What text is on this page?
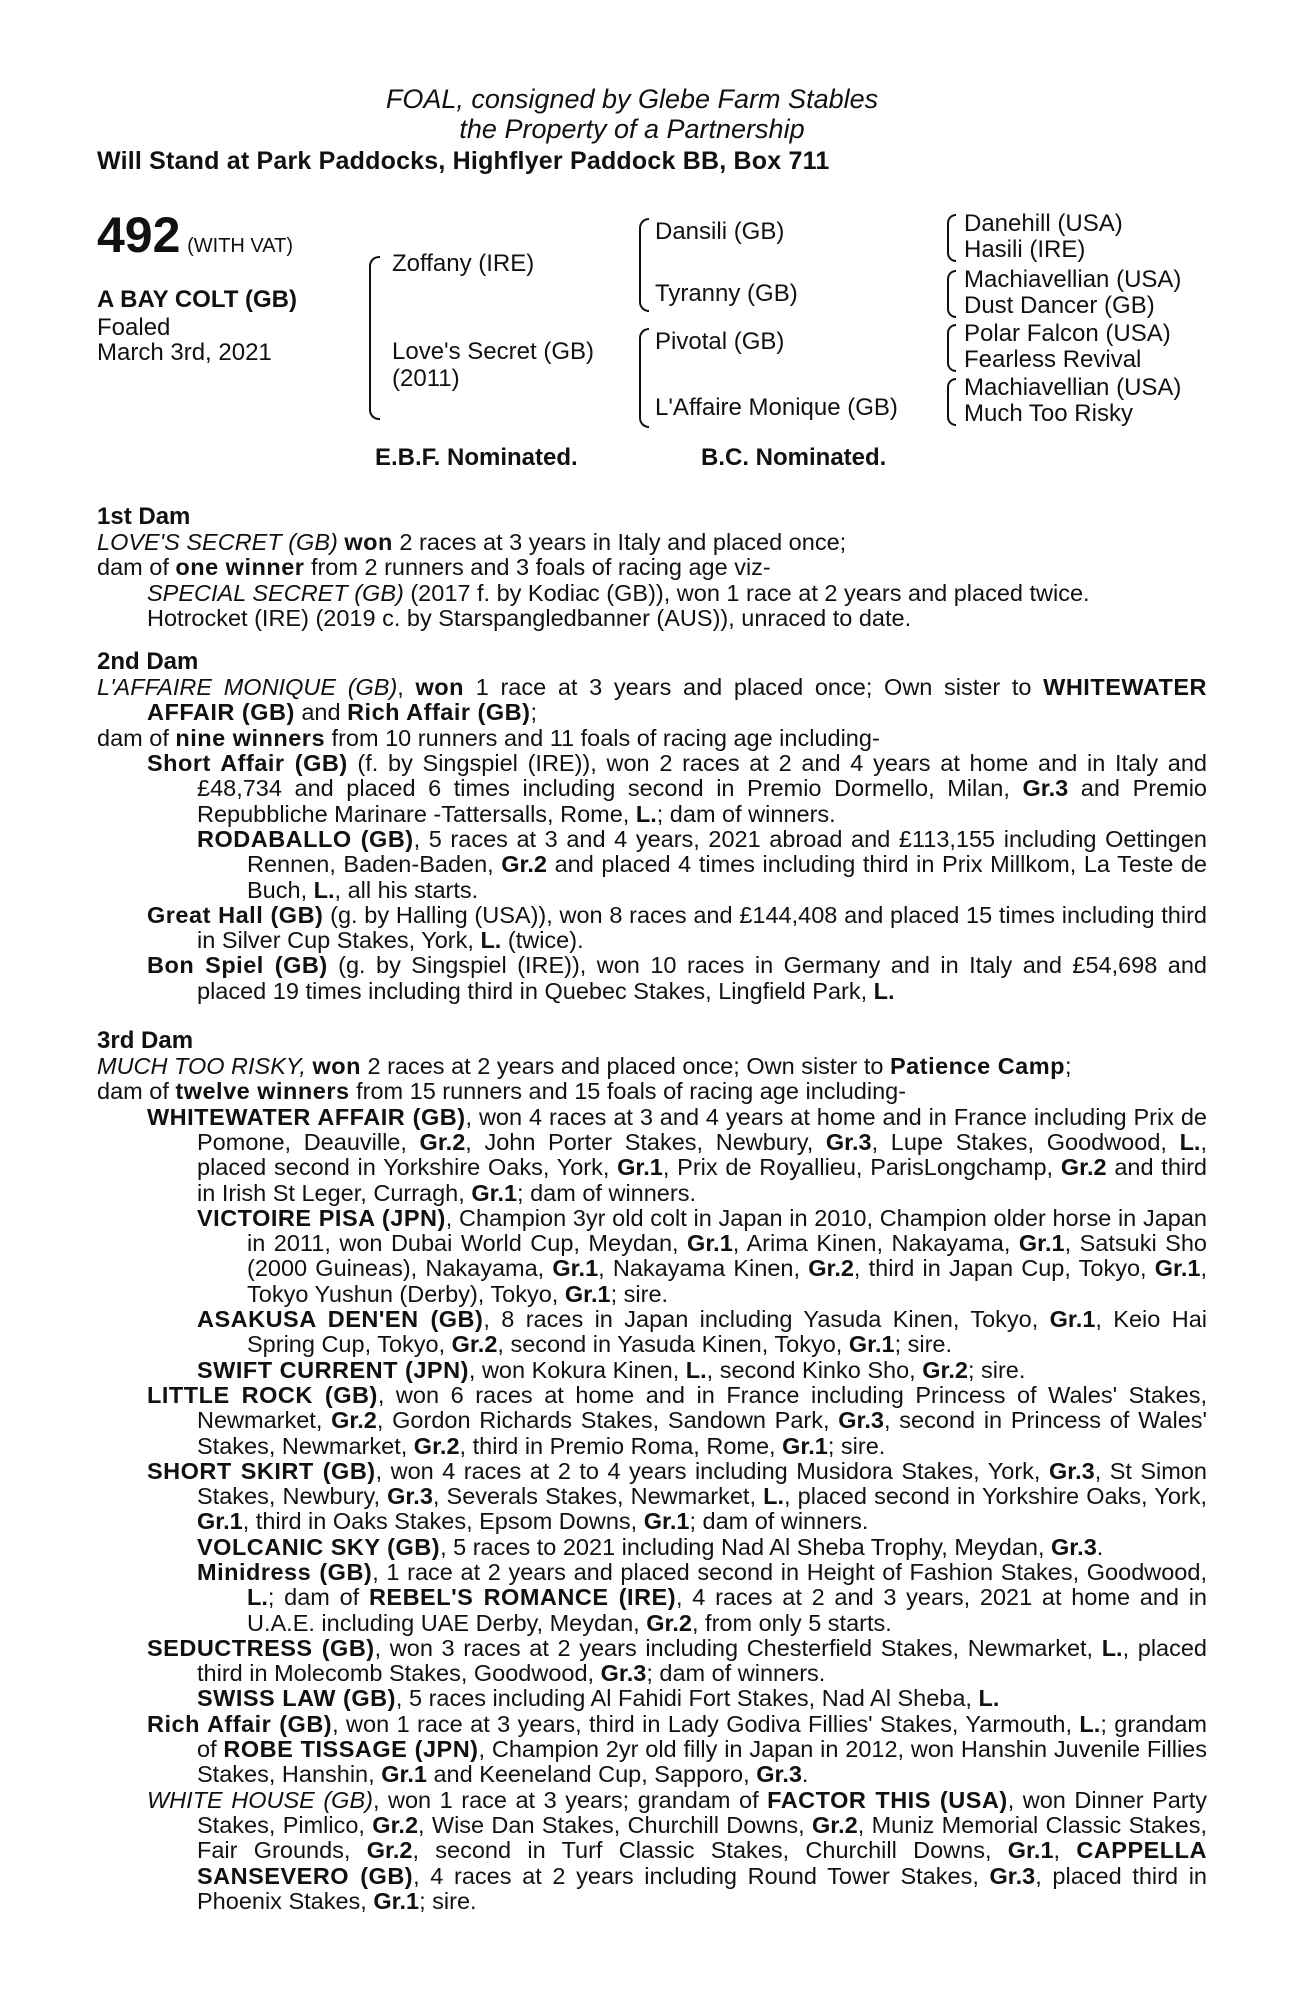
FOAL, consigned by Glebe Farm Stables
the Property of a Partnership
Will Stand at Park Paddocks, Highflyer Paddock BB, Box 711
492 (WITH VAT)
A BAY COLT (GB)
Foaled
March 3rd, 2021
Zoffany (IRE)
Love's Secret (GB)
(2011)
Dansili (GB)
Tyranny (GB)
Pivotal (GB)
L'Affaire Monique (GB)
Danehill (USA)
Hasili (IRE)
Machiavellian (USA)
Dust Dancer (GB)
Polar Falcon (USA)
Fearless Revival
Machiavellian (USA)
Much Too Risky
E.B.F. Nominated.	B.C. Nominated.
1st Dam

LOVE'S SECRET (GB) won 2 races at 3 years in Italy and placed once;

dam of one winner from 2 runners and 3 foals of racing age viz-

SPECIAL SECRET (GB) (2017 f. by Kodiac (GB)), won 1 race at 2 years and placed twice.

Hotrocket (IRE) (2019 c. by Starspangledbanner (AUS)), unraced to date.

2nd Dam

L'AFFAIRE MONIQUE (GB), won 1 race at 3 years and placed once; Own sister to WHITEWATER AFFAIR (GB) and Rich Affair (GB);

dam of nine winners from 10 runners and 11 foals of racing age including-

Short Affair (GB) (f. by Singspiel (IRE)), won 2 races at 2 and 4 years at home and in Italy and £48,734 and placed 6 times including second in Premio Dormello, Milan, Gr.3 and Premio Repubbliche Marinare -Tattersalls, Rome, L.; dam of winners.

RODABALLO (GB), 5 races at 3 and 4 years, 2021 abroad and £113,155 including Oettingen Rennen, Baden-Baden, Gr.2 and placed 4 times including third in Prix Millkom, La Teste de Buch, L., all his starts.

Great Hall (GB) (g. by Halling (USA)), won 8 races and £144,408 and placed 15 times including third in Silver Cup Stakes, York, L. (twice).

Bon Spiel (GB) (g. by Singspiel (IRE)), won 10 races in Germany and in Italy and £54,698 and placed 19 times including third in Quebec Stakes, Lingfield Park, L.

3rd Dam

MUCH TOO RISKY, won 2 races at 2 years and placed once; Own sister to Patience Camp;

dam of twelve winners from 15 runners and 15 foals of racing age including-

WHITEWATER AFFAIR (GB), won 4 races at 3 and 4 years at home and in France including Prix de Pomone, Deauville, Gr.2, John Porter Stakes, Newbury, Gr.3, Lupe Stakes, Goodwood, L., placed second in Yorkshire Oaks, York, Gr.1, Prix de Royallieu, ParisLongchamp, Gr.2 and third in Irish St Leger, Curragh, Gr.1; dam of winners.

VICTOIRE PISA (JPN), Champion 3yr old colt in Japan in 2010, Champion older horse in Japan in 2011, won Dubai World Cup, Meydan, Gr.1, Arima Kinen, Nakayama, Gr.1, Satsuki Sho (2000 Guineas), Nakayama, Gr.1, Nakayama Kinen, Gr.2, third in Japan Cup, Tokyo, Gr.1, Tokyo Yushun (Derby), Tokyo, Gr.1; sire.

ASAKUSA DEN'EN (GB), 8 races in Japan including Yasuda Kinen, Tokyo, Gr.1, Keio Hai Spring Cup, Tokyo, Gr.2, second in Yasuda Kinen, Tokyo, Gr.1; sire.

SWIFT CURRENT (JPN), won Kokura Kinen, L., second Kinko Sho, Gr.2; sire.

LITTLE ROCK (GB), won 6 races at home and in France including Princess of Wales' Stakes, Newmarket, Gr.2, Gordon Richards Stakes, Sandown Park, Gr.3, second in Princess of Wales' Stakes, Newmarket, Gr.2, third in Premio Roma, Rome, Gr.1; sire.

SHORT SKIRT (GB), won 4 races at 2 to 4 years including Musidora Stakes, York, Gr.3, St Simon Stakes, Newbury, Gr.3, Severals Stakes, Newmarket, L., placed second in Yorkshire Oaks, York, Gr.1, third in Oaks Stakes, Epsom Downs, Gr.1; dam of winners.

VOLCANIC SKY (GB), 5 races to 2021 including Nad Al Sheba Trophy, Meydan, Gr.3.

Minidress (GB), 1 race at 2 years and placed second in Height of Fashion Stakes, Goodwood, L.; dam of REBEL'S ROMANCE (IRE), 4 races at 2 and 3 years, 2021 at home and in U.A.E. including UAE Derby, Meydan, Gr.2, from only 5 starts.

SEDUCTRESS (GB), won 3 races at 2 years including Chesterfield Stakes, Newmarket, L., placed third in Molecomb Stakes, Goodwood, Gr.3; dam of winners.

SWISS LAW (GB), 5 races including Al Fahidi Fort Stakes, Nad Al Sheba, L.

Rich Affair (GB), won 1 race at 3 years, third in Lady Godiva Fillies' Stakes, Yarmouth, L.; grandam of ROBE TISSAGE (JPN), Champion 2yr old filly in Japan in 2012, won Hanshin Juvenile Fillies Stakes, Hanshin, Gr.1 and Keeneland Cup, Sapporo, Gr.3.

WHITE HOUSE (GB), won 1 race at 3 years; grandam of FACTOR THIS (USA), won Dinner Party Stakes, Pimlico, Gr.2, Wise Dan Stakes, Churchill Downs, Gr.2, Muniz Memorial Classic Stakes, Fair Grounds, Gr.2, second in Turf Classic Stakes, Churchill Downs, Gr.1, CAPPELLA SANSEVERO (GB), 4 races at 2 years including Round Tower Stakes, Gr.3, placed third in Phoenix Stakes, Gr.1; sire.
